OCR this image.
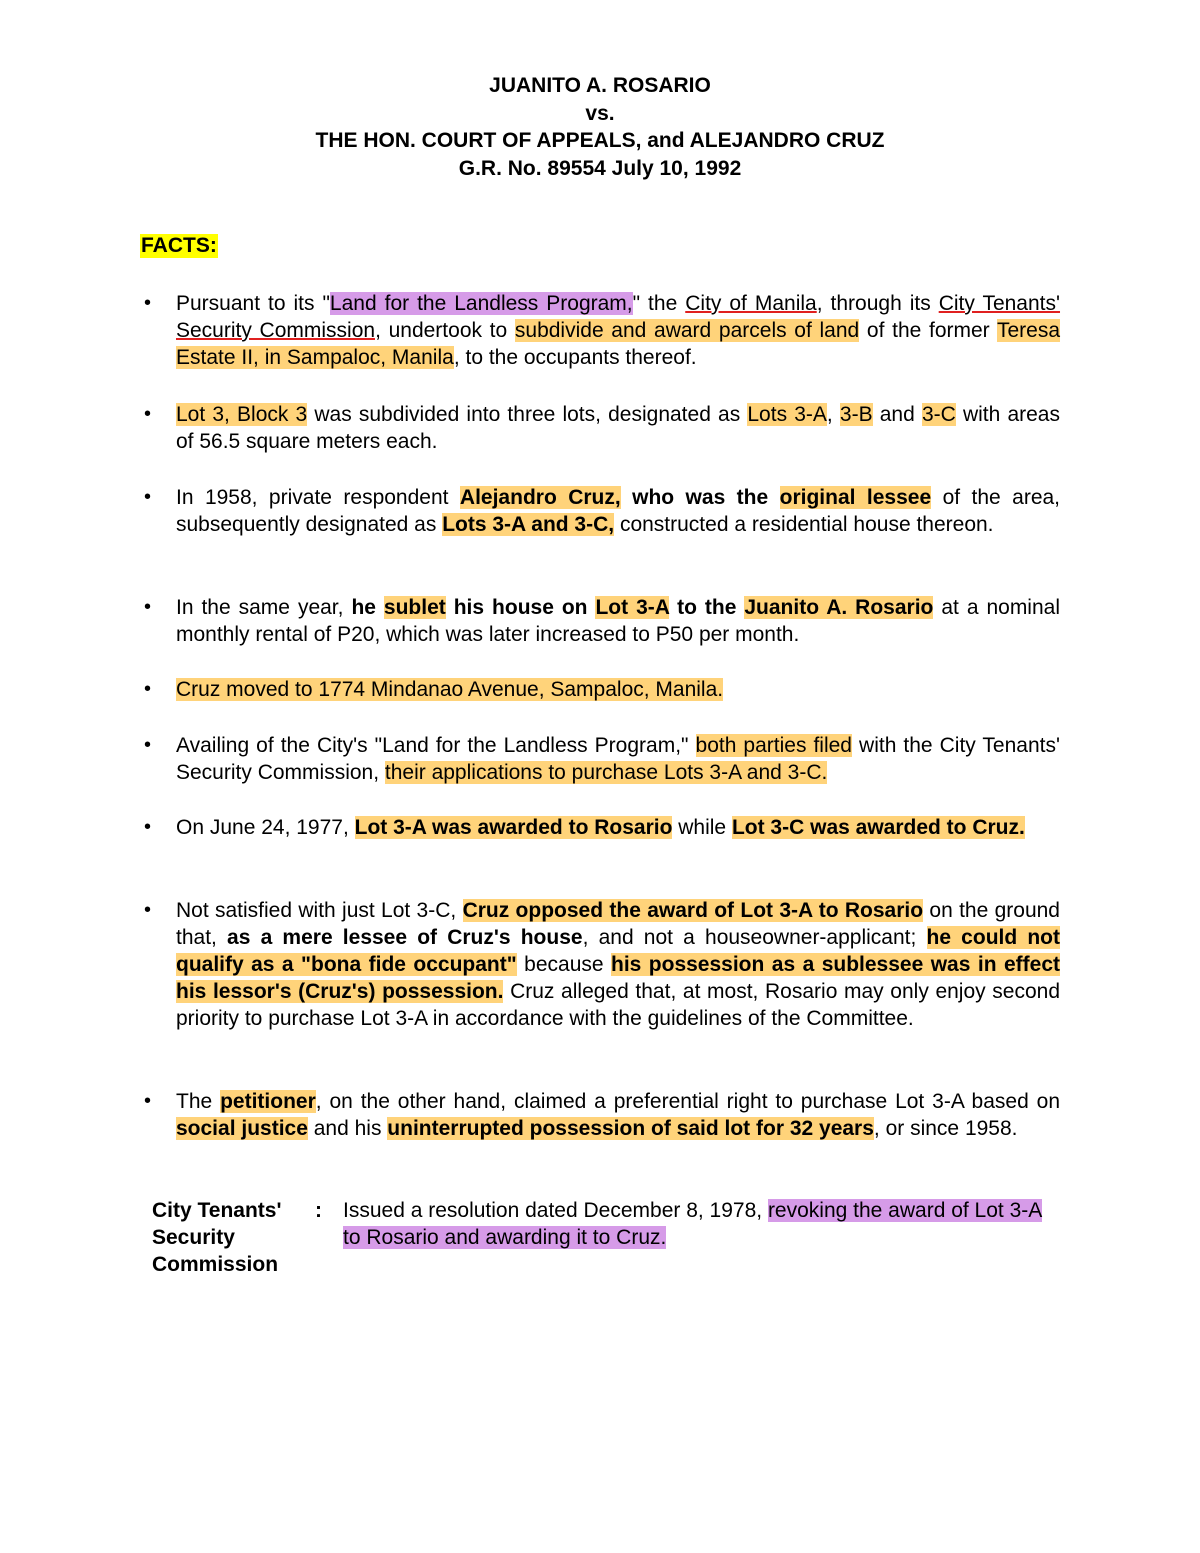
JUANITO A. ROSARIO
vs.
THE HON. COURT OF APPEALS, and ALEJANDRO CRUZ
G.R. No. 89554 July 10, 1992
FACTS:
• Pursuant to its "Land for the Landless Program," the City of Manila, through its City Tenants' Security Commission, undertook to subdivide and award parcels of land of the former Teresa Estate II, in Sampaloc, Manila, to the occupants thereof.
• Lot 3, Block 3 was subdivided into three lots, designated as Lots 3-A, 3-B and 3-C with areas of 56.5 square meters each.
• In 1958, private respondent Alejandro Cruz, who was the original lessee of the area, subsequently designated as Lots 3-A and 3-C, constructed a residential house thereon.
• In the same year, he sublet his house on Lot 3-A to the Juanito A. Rosario at a nominal monthly rental of P20, which was later increased to P50 per month.
• Cruz moved to 1774 Mindanao Avenue, Sampaloc, Manila.
• Availing of the City's "Land for the Landless Program," both parties filed with the City Tenants' Security Commission, their applications to purchase Lots 3-A and 3-C.
• On June 24, 1977, Lot 3-A was awarded to Rosario while Lot 3-C was awarded to Cruz.
• Not satisfied with just Lot 3-C, Cruz opposed the award of Lot 3-A to Rosario on the ground that, as a mere lessee of Cruz's house, and not a houseowner-applicant; he could not qualify as a "bona fide occupant" because his possession as a sublessee was in effect his lessor's (Cruz's) possession. Cruz alleged that, at most, Rosario may only enjoy second priority to purchase Lot 3-A in accordance with the guidelines of the Committee.
• The petitioner, on the other hand, claimed a preferential right to purchase Lot 3-A based on social justice and his uninterrupted possession of said lot for 32 years, or since 1958.
City Tenants' Security Commission
: Issued a resolution dated December 8, 1978, revoking the award of Lot 3-A to Rosario and awarding it to Cruz.
